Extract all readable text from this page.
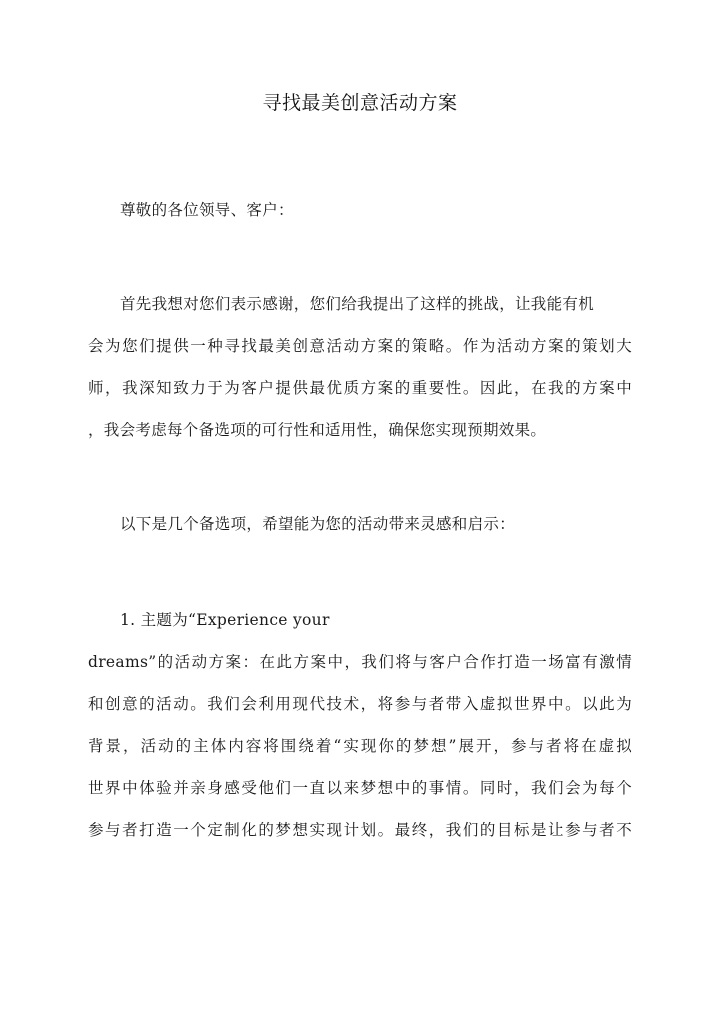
寻找最美创意活动方案
尊敬的各位领导、客户：
首先我想对您们表示感谢，您们给我提出了这样的挑战，让我能有机
会为您们提供一种寻找最美创意活动方案的策略。作为活动方案的策划大
师，我深知致力于为客户提供最优质方案的重要性。因此，在我的方案中
，我会考虑每个备选项的可行性和适用性，确保您实现预期效果。
以下是几个备选项，希望能为您的活动带来灵感和启示：
1. 主题为“Experience your
dreams”的活动方案：在此方案中，我们将与客户合作打造一场富有激情
和创意的活动。我们会利用现代技术，将参与者带入虚拟世界中。以此为
背景，活动的主体内容将围绕着“实现你的梦想”展开，参与者将在虚拟
世界中体验并亲身感受他们一直以来梦想中的事情。同时，我们会为每个
参与者打造一个定制化的梦想实现计划。最终，我们的目标是让参与者不
